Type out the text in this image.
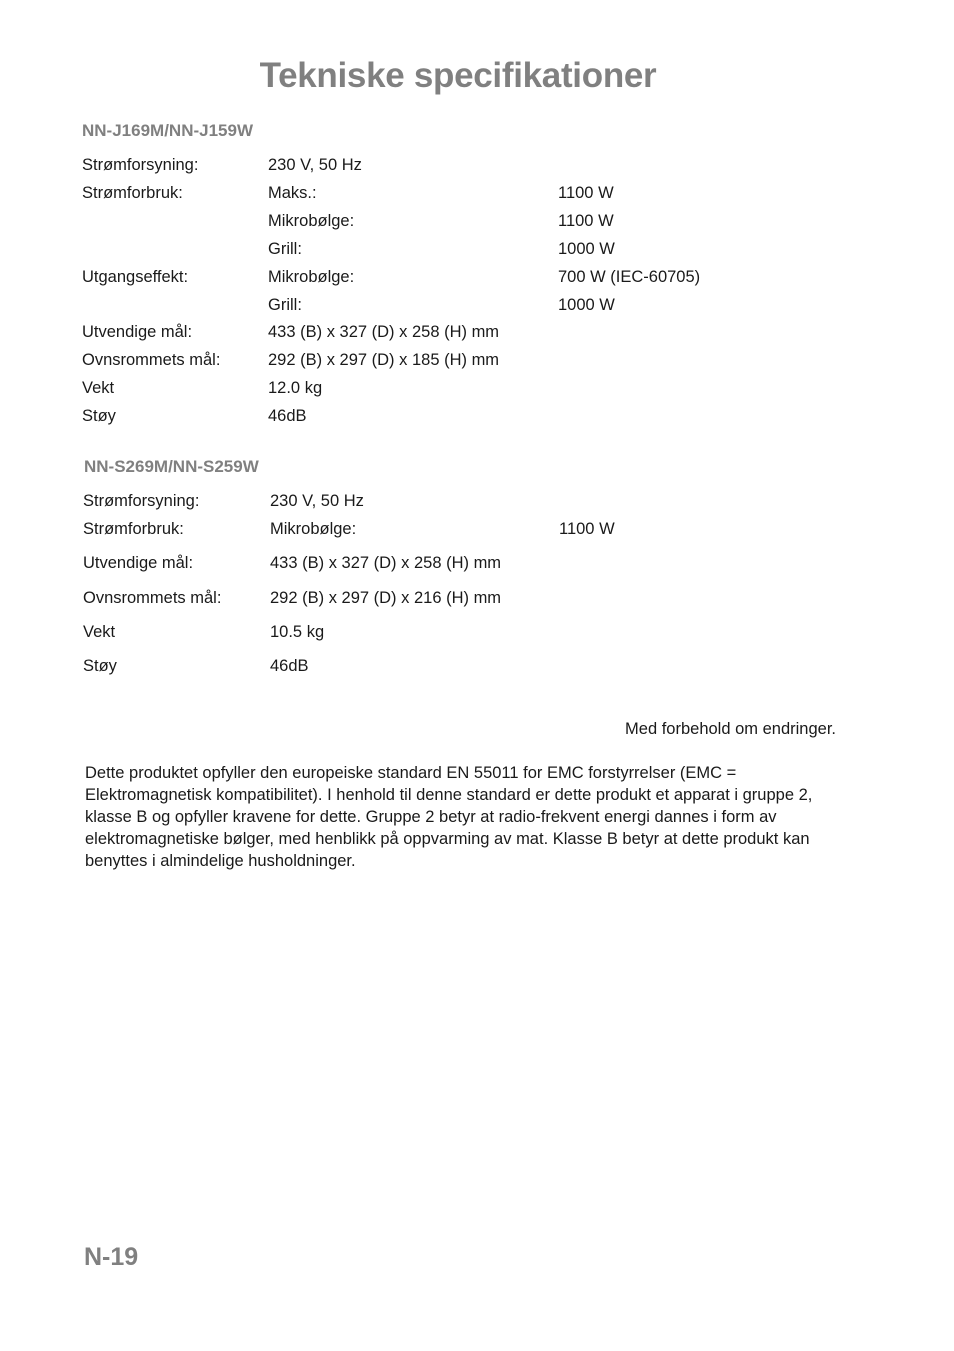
Tekniske specifikationer
NN-J169M/NN-J159W
Strømforsyning:	230 V, 50 Hz
Strømforbruk:	Maks.:	1100 W
Mikrobølge:	1100 W
Grill:	1000 W
Utgangseffekt:	Mikrobølge:	700 W (IEC-60705)
Grill:	1000 W
Utvendige mål:	433 (B) x 327 (D) x 258 (H) mm
Ovnsrommets mål:	292 (B) x 297 (D) x 185 (H) mm
Vekt	12.0 kg
Støy	46dB
NN-S269M/NN-S259W
Strømforsyning:	230 V, 50 Hz
Strømforbruk:	Mikrobølge:	1100 W
Utvendige mål:	433 (B) x 327 (D) x 258 (H) mm
Ovnsrommets mål:	292 (B) x 297 (D) x 216 (H) mm
Vekt	10.5 kg
Støy	46dB
Med forbehold om endringer.
Dette produktet opfyller den europeiske standard EN 55011 for EMC forstyrrelser (EMC = Elektromagnetisk kompatibilitet). I henhold til denne standard er dette produkt et apparat i gruppe 2, klasse B og opfyller kravene for dette. Gruppe 2 betyr at radio-frekvent energi dannes i form av elektromagnetiske bølger, med henblikk på oppvarming av mat. Klasse B betyr at dette produkt kan benyttes i almindelige husholdninger.
N-19
